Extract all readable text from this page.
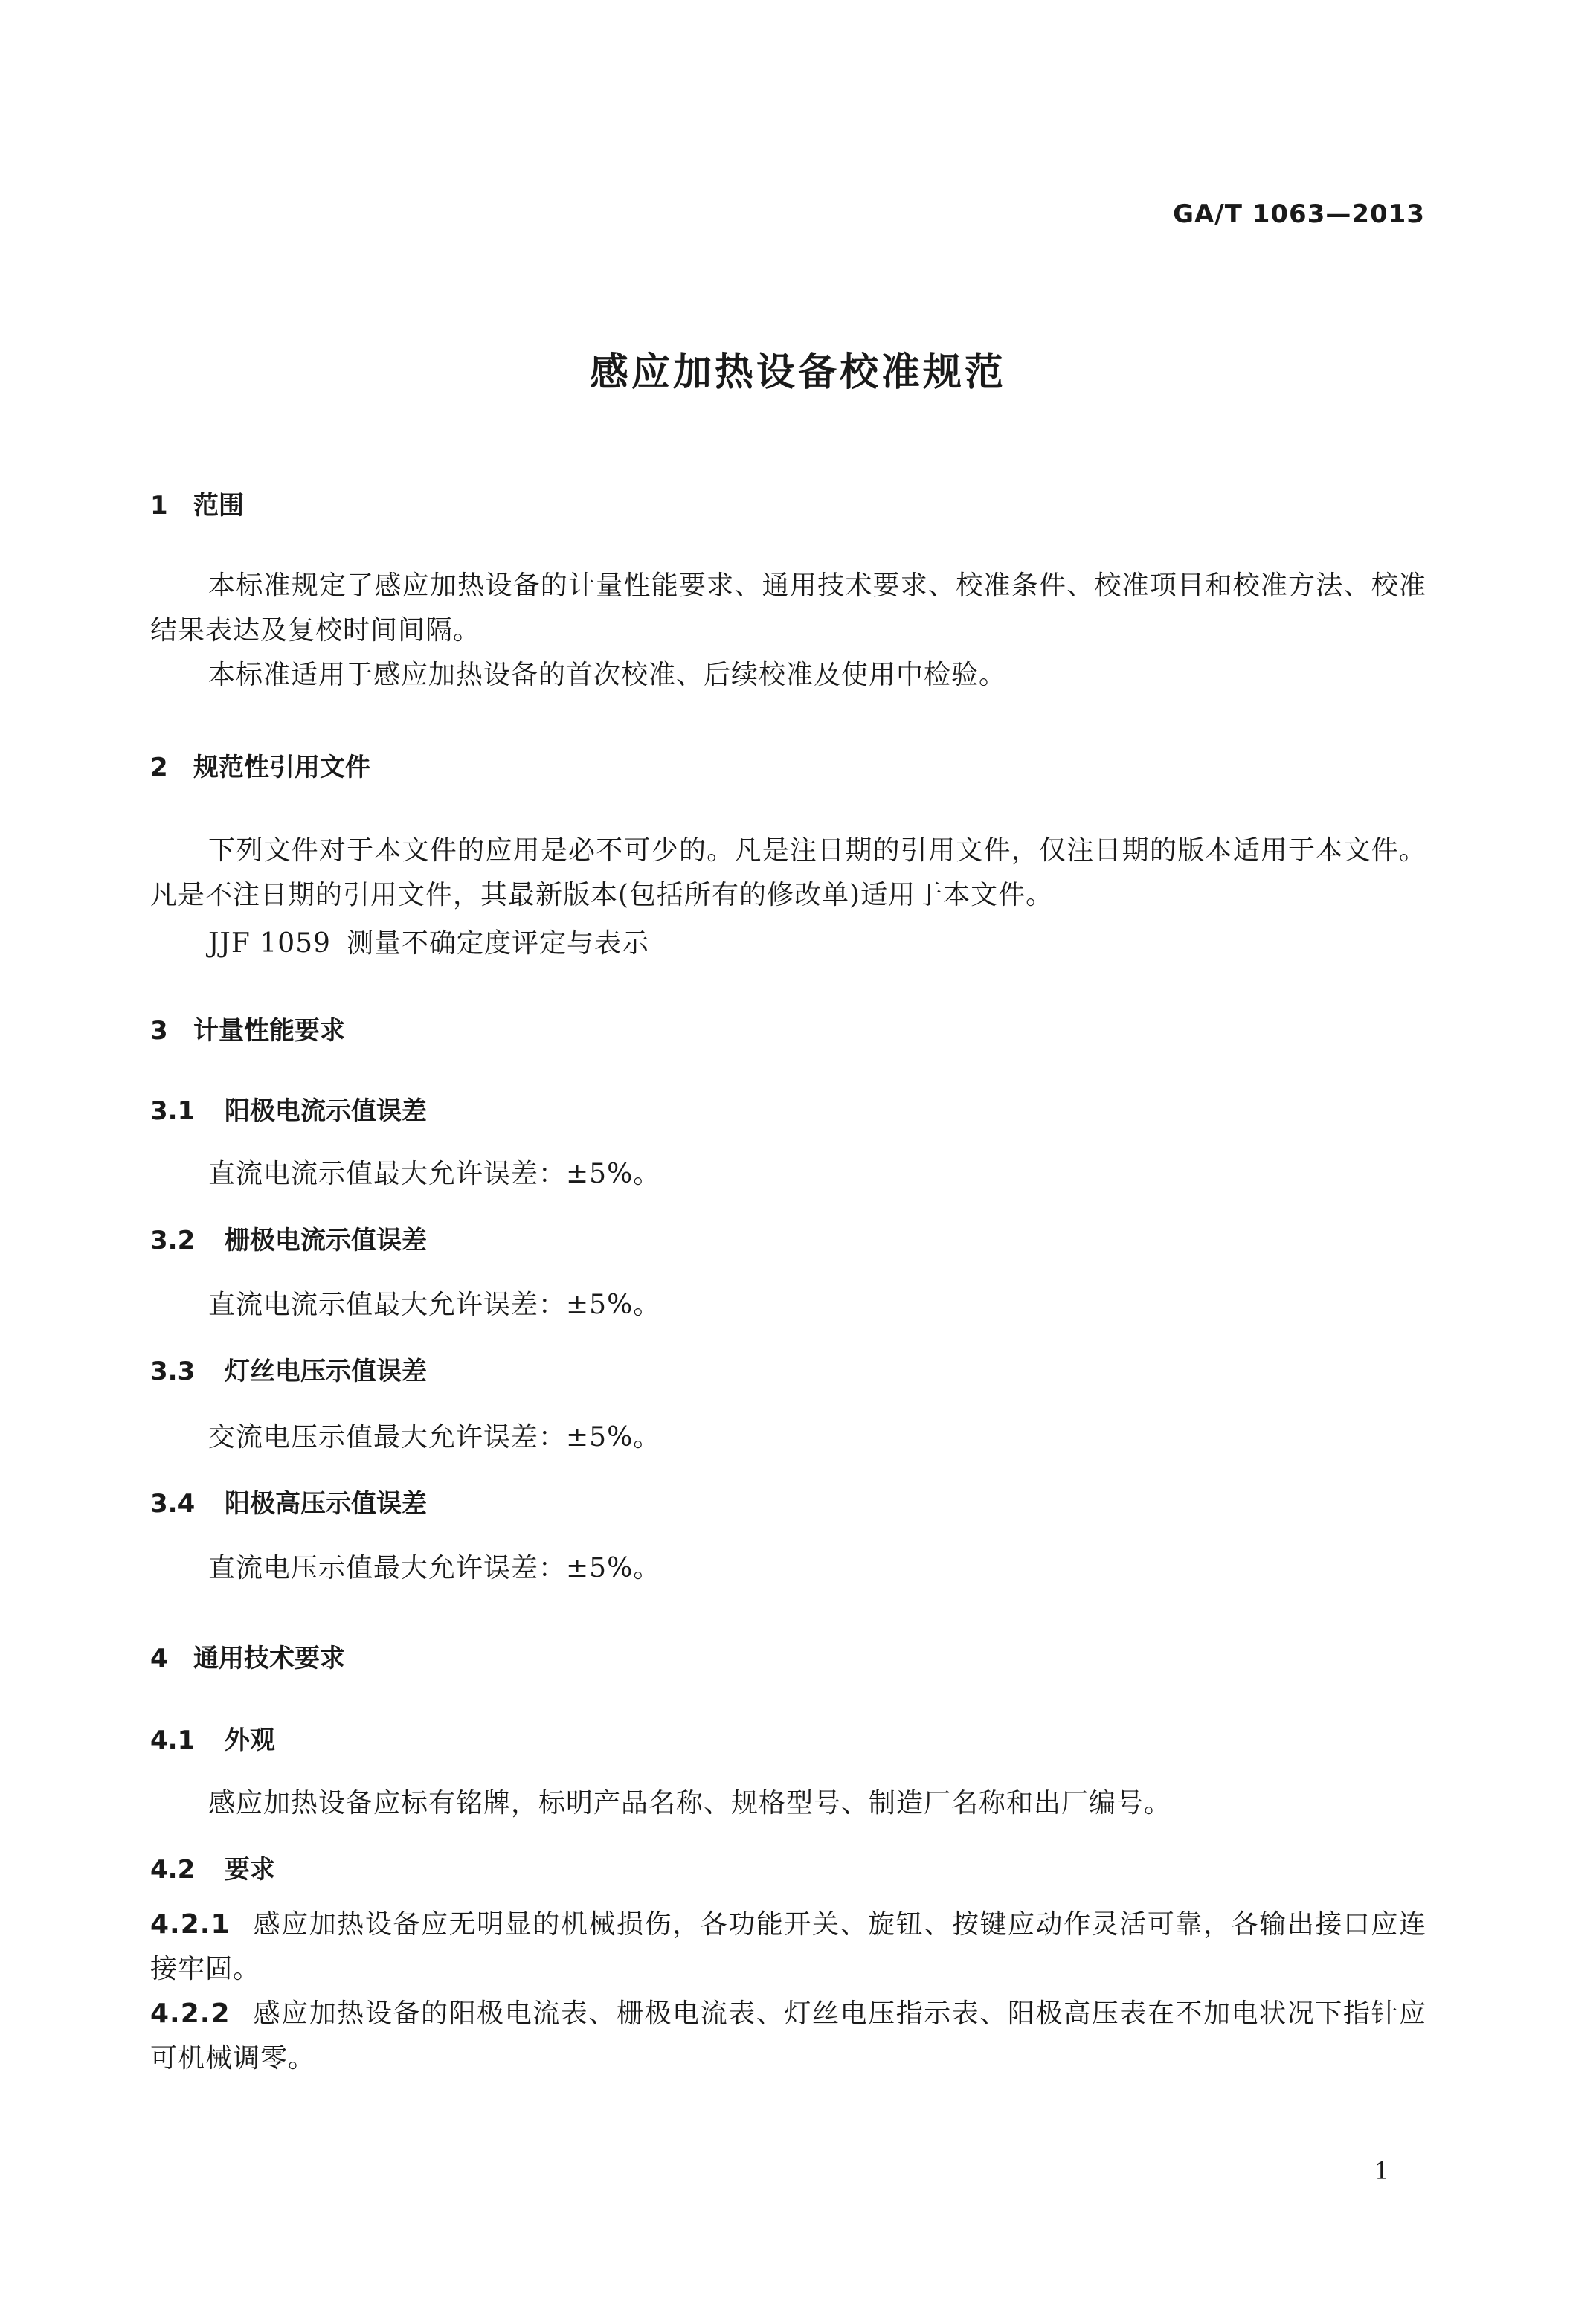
GA/T 1063—2013
感应加热设备校准规范
1 范围
本标准规定了感应加热设备的计量性能要求、通用技术要求、校准条件、校准项目和校准方法、校准结果表达及复校时间间隔。
本标准适用于感应加热设备的首次校准、后续校准及使用中检验。
2 规范性引用文件
下列文件对于本文件的应用是必不可少的。凡是注日期的引用文件，仅注日期的版本适用于本文件。凡是不注日期的引用文件，其最新版本(包括所有的修改单)适用于本文件。
JJF 1059 测量不确定度评定与表示
3 计量性能要求
3.1 阳极电流示值误差
直流电流示值最大允许误差：±5%。
3.2 栅极电流示值误差
直流电流示值最大允许误差：±5%。
3.3 灯丝电压示值误差
交流电压示值最大允许误差：±5%。
3.4 阳极高压示值误差
直流电压示值最大允许误差：±5%。
4 通用技术要求
4.1 外观
感应加热设备应标有铭牌，标明产品名称、规格型号、制造厂名称和出厂编号。
4.2 要求
4.2.1 感应加热设备应无明显的机械损伤，各功能开关、旋钮、按键应动作灵活可靠，各输出接口应连接牢固。
4.2.2 感应加热设备的阳极电流表、栅极电流表、灯丝电压指示表、阳极高压表在不加电状况下指针应可机械调零。
1
